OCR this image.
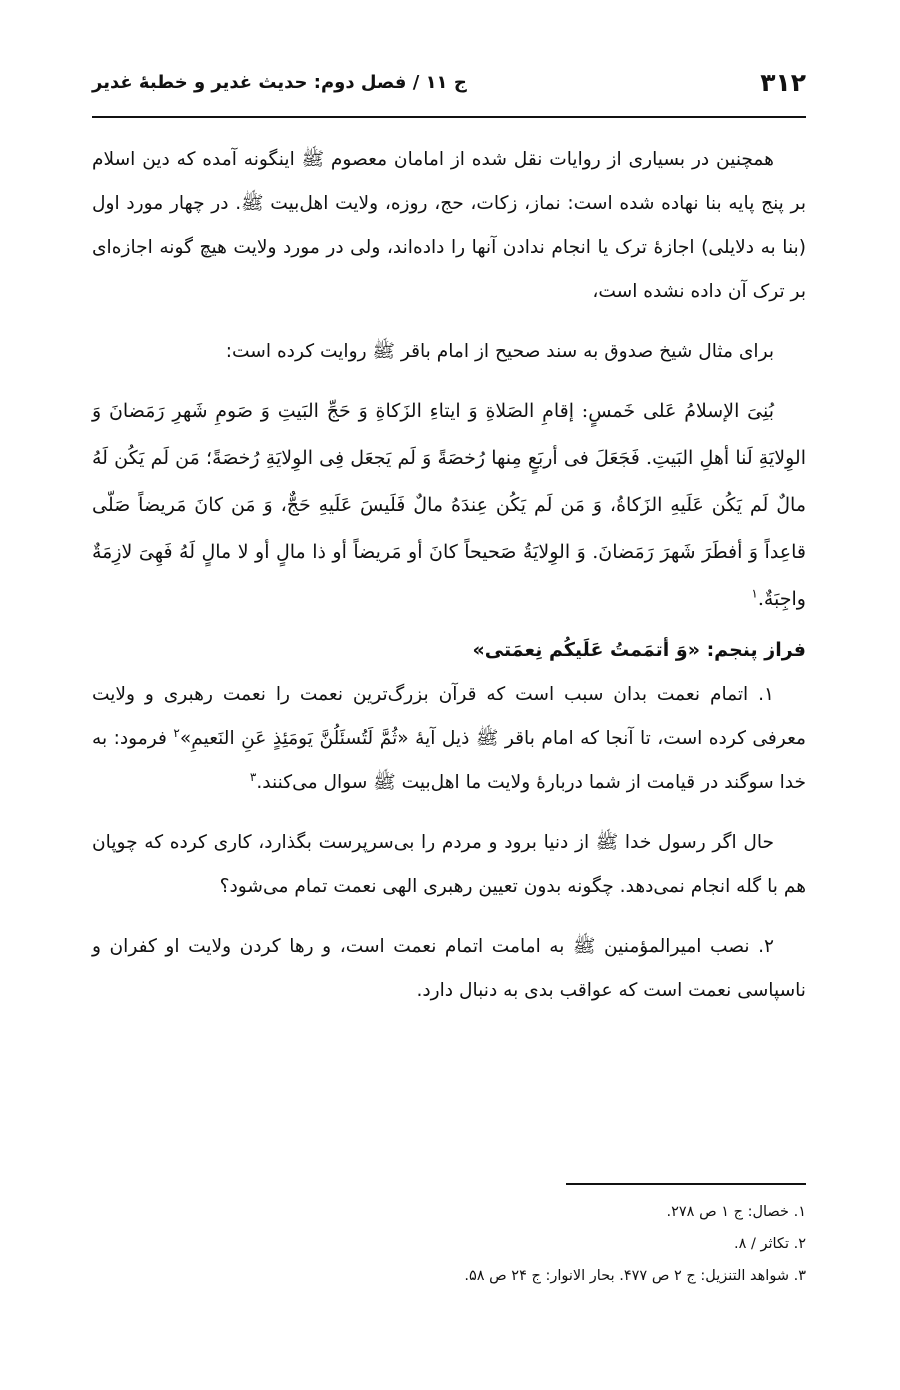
۳۱۲
ج ۱۱ / فصل دوم: حدیث غدیر و خطبهٔ غدیر

همچنین در بسیاری از روایات نقل شده از امامان معصوم ﷺ اینگونه آمده که دین اسلام بر پنج پایه بنا نهاده شده است: نماز، زکات، حج، روزه، ولایت اهل‌بیت ﷺ. در چهار مورد اول (بنا به دلایلی) اجازهٔ ترک یا انجام ندادن آنها را داده‌اند، ولی در مورد ولایت هیچ گونه اجازه‌ای بر ترک آن داده نشده است،

برای مثال شیخ صدوق به سند صحیح از امام باقر ﷺ روایت کرده است:

بُنِیَ الإسلامُ عَلی خَمسٍ: إقامِ الصَلاةِ وَ ایتاءِ الزَکاةِ وَ حَجِّ البَیتِ وَ صَومِ شَهرِ رَمَضانَ وَ الوِلایَةِ لَنا أهلِ البَیتِ. فَجَعَلَ فی أربَعٍ مِنها رُخصَةً وَ لَم یَجعَل فِی الوِلایَةِ رُخصَةً؛ مَن لَم یَکُن لَهُ مالٌ لَم یَکُن عَلَیهِ الزَکاةُ، وَ مَن لَم یَکُن عِندَهُ مالٌ فَلَیسَ عَلَیهِ حَجٌّ، وَ مَن کانَ مَریضاً صَلّی قاعِداً وَ أفطَرَ شَهرَ رَمَضانَ. وَ الوِلایَةُ صَحیحاً کانَ أو مَریضاً أو ذا مالٍ أو لا مالٍ لَهُ فَهِیَ لازِمَةٌ واجِبَةٌ.$^۱$

فراز پنجم: «وَ أتمَمتُ عَلَیکُم نِعمَتی»

۱. اتمام نعمت بدان سبب است که قرآن بزرگ‌ترین نعمت را نعمت رهبری و ولایت معرفی کرده است، تا آنجا که امام باقر ﷺ ذیل آیهٔ «ثُمَّ لَتُسئَلُنَّ یَومَئِذٍ عَنِ النَعیمِ»$^۲$ فرمود: به خدا سوگند در قیامت از شما دربارهٔ ولایت ما اهل‌بیت ﷺ سوال می‌کنند.$^۳$

حال اگر رسول خدا ﷺ از دنیا برود و مردم را بی‌سرپرست بگذارد، کاری کرده که چوپان هم با گله انجام نمی‌دهد. چگونه بدون تعیین رهبری الهی نعمت تمام می‌شود؟

۲. نصب امیرالمؤمنین ﷺ به امامت اتمام نعمت است، و رها کردن ولایت او کفران و ناسپاسی نعمت است که عواقب بدی به دنبال دارد.

۱. خصال: ج ۱ ص ۲۷۸.

۲. تکاثر / ۸.

۳. شواهد التنزیل: ج ۲ ص ۴۷۷. بحار الانوار: ج ۲۴ ص ۵۸.
